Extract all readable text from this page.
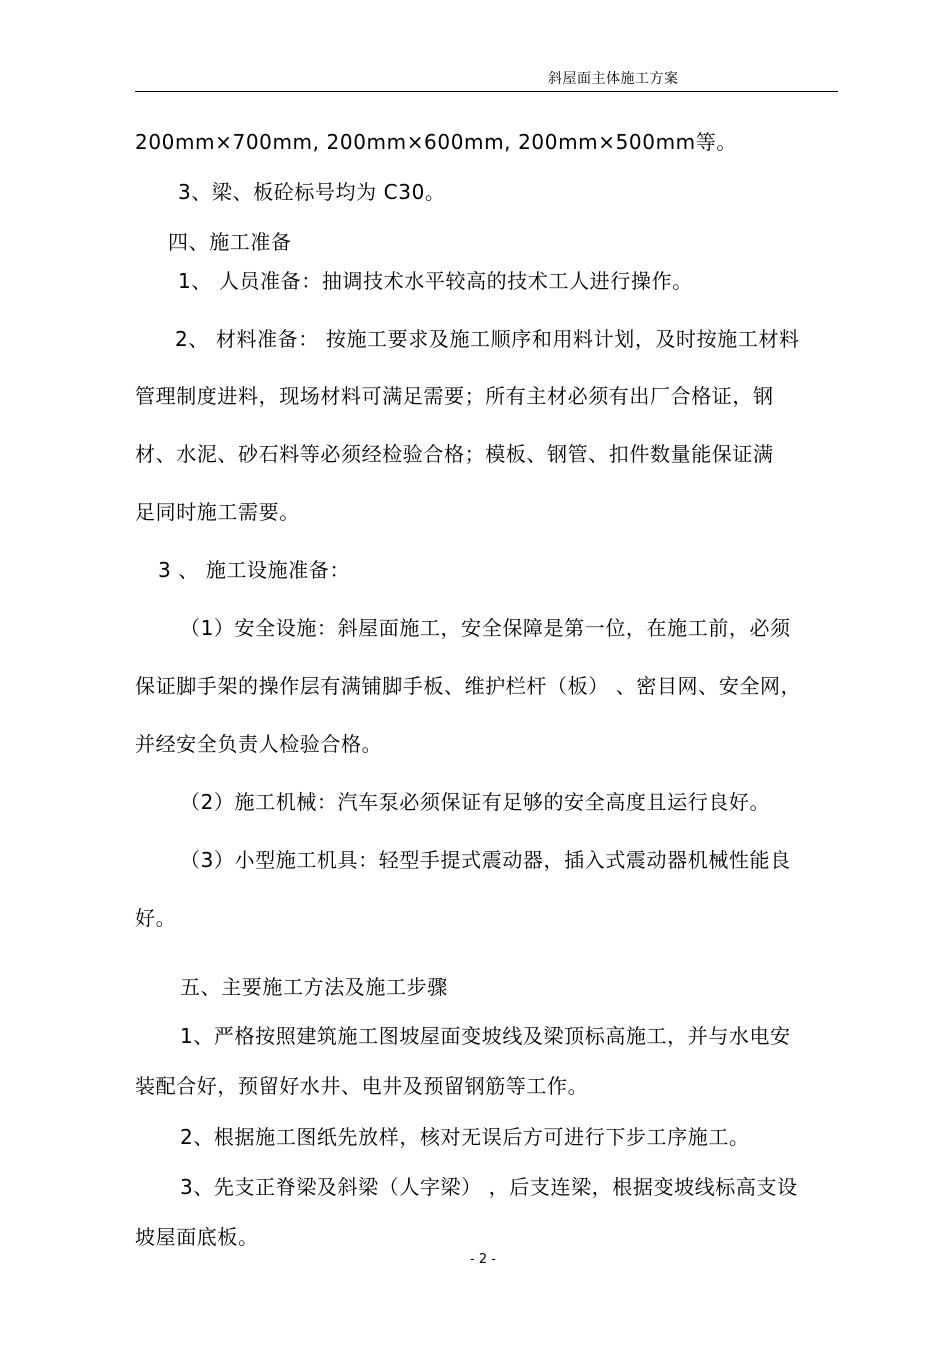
斜屋面主体施工方案
200mm×700mm, 200mm×600mm, 200mm×500mm等。
3、梁、板砼标号均为 C30。
四、施工准备
1、 人员准备：抽调技术水平较高的技术工人进行操作。
2、 材料准备： 按施工要求及施工顺序和用料计划，及时按施工材料
管理制度进料，现场材料可满足需要；所有主材必须有出厂合格证，钢
材、水泥、砂石料等必须经检验合格；模板、钢管、扣件数量能保证满
足同时施工需要。
3 、 施工设施准备：
（1）安全设施：斜屋面施工，安全保障是第一位，在施工前，必须
保证脚手架的操作层有满铺脚手板、维护栏杆（板） 、密目网、安全网，
并经安全负责人检验合格。
（2）施工机械：汽车泵必须保证有足够的安全高度且运行良好。
（3）小型施工机具：轻型手提式震动器，插入式震动器机械性能良
好。
五、主要施工方法及施工步骤
1、严格按照建筑施工图坡屋面变坡线及梁顶标高施工，并与水电安
装配合好，预留好水井、电井及预留钢筋等工作。
2、根据施工图纸先放样，核对无误后方可进行下步工序施工。
3、先支正脊梁及斜梁（人字梁） ，后支连梁，根据变坡线标高支设
坡屋面底板。
- 2 -
